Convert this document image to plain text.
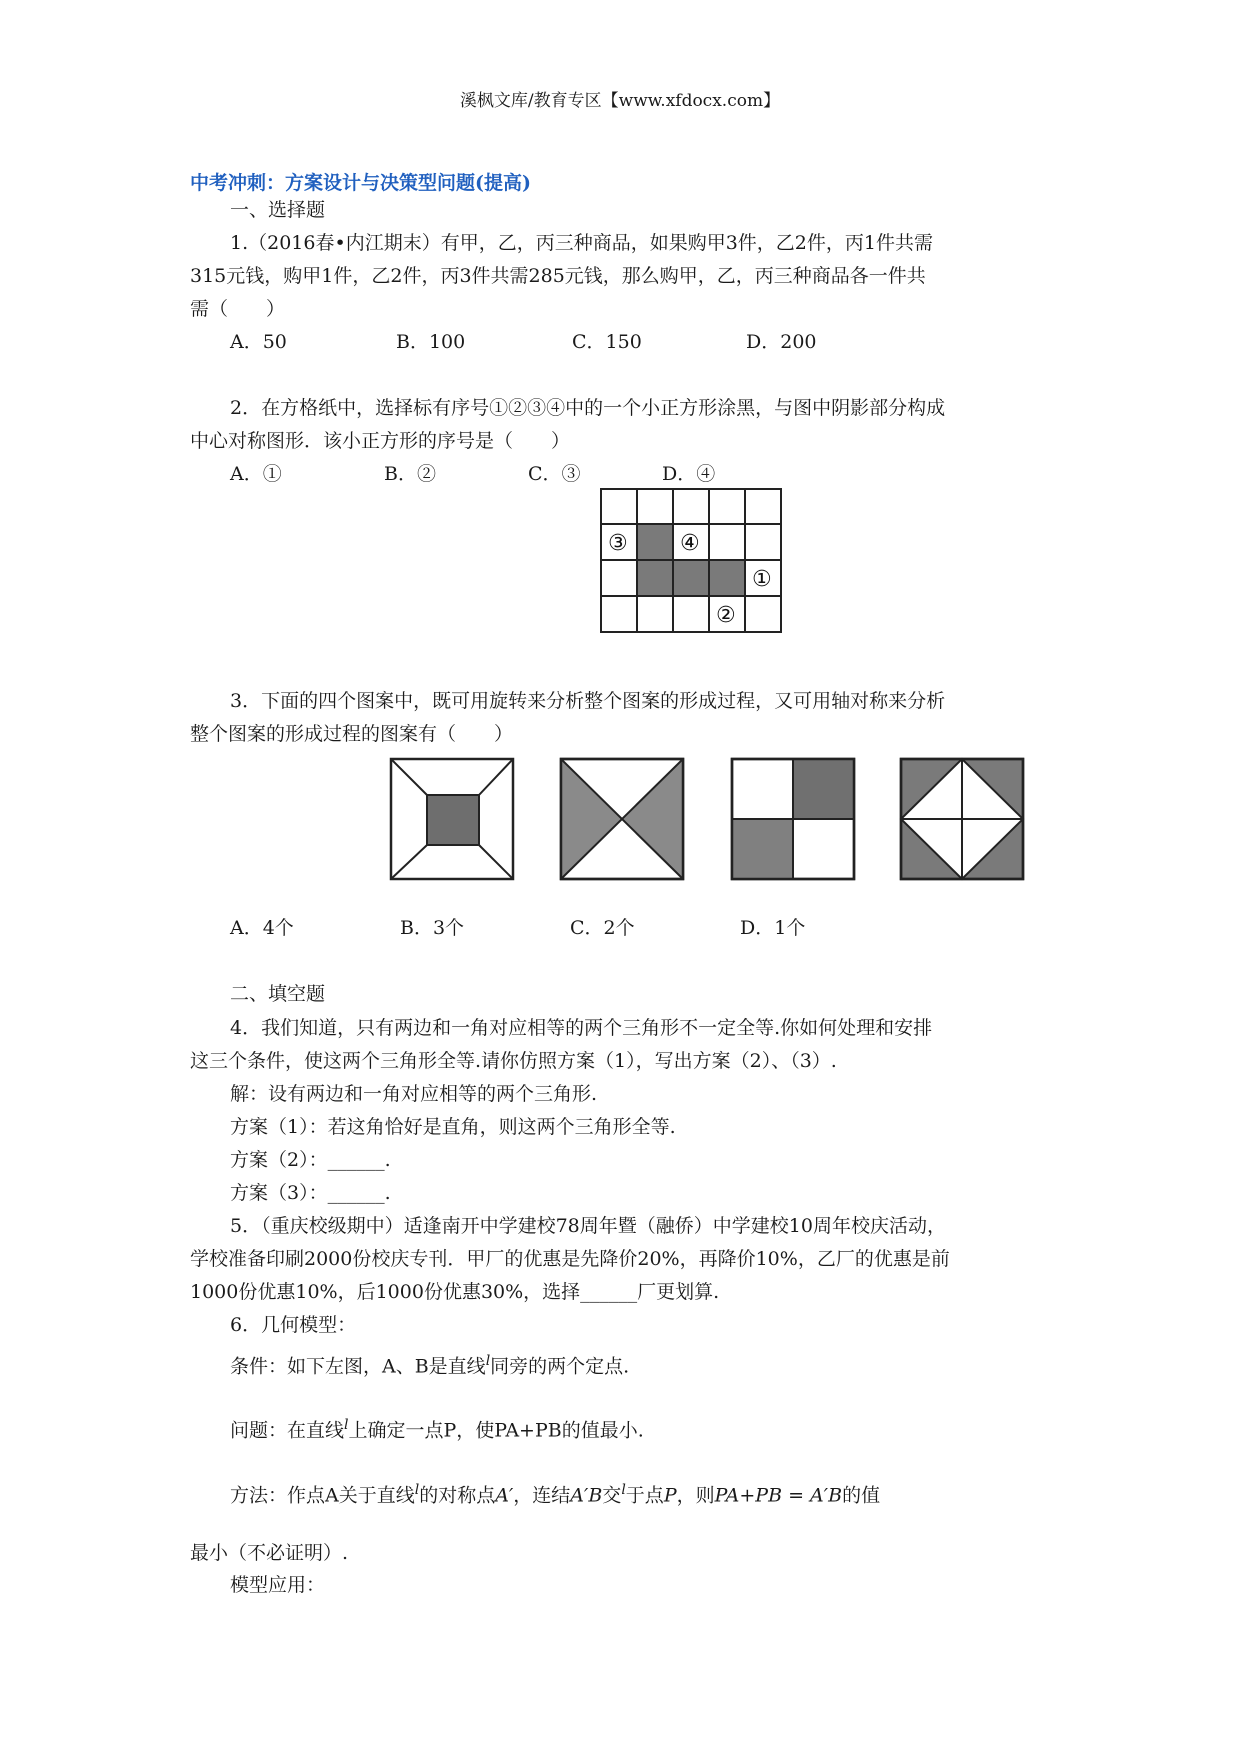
溪枫文库/教育专区【www.xfdocx.com】
中考冲刺：方案设计与决策型问题(提高)
一、选择题
1.（2016春•内江期末）有甲，乙，丙三种商品，如果购甲3件，乙2件，丙1件共需
315元钱，购甲1件，乙2件，丙3件共需285元钱，那么购甲，乙，丙三种商品各一件共
需（　　）
A．50	B．100	C．150	D．200
2．在方格纸中，选择标有序号①②③④中的一个小正方形涂黑，与图中阴影部分构成
中心对称图形．该小正方形的序号是（　　）
A．①	B．②	C．③	D．④
③ ④
①
②
3．下面的四个图案中，既可用旋转来分析整个图案的形成过程，又可用轴对称来分析
整个图案的形成过程的图案有（　　）
A．4个	B．3个	C．2个	D．1个
二、填空题
4．我们知道，只有两边和一角对应相等的两个三角形不一定全等.你如何处理和安排
这三个条件，使这两个三角形全等.请你仿照方案（1），写出方案（2）、（3）.
解：设有两边和一角对应相等的两个三角形.
方案（1）：若这角恰好是直角，则这两个三角形全等.
方案（2）：______.
方案（3）：______.
5．（重庆校级期中）适逢南开中学建校78周年暨（融侨）中学建校10周年校庆活动，
学校准备印刷2000份校庆专刊．甲厂的优惠是先降价20%，再降价10%，乙厂的优惠是前
1000份优惠10%，后1000份优惠30%，选择______厂更划算.
6．几何模型：
条件：如下左图，A、B是直线$^l$同旁的两个定点.
问题：在直线$^l$上确定一点P，使PA+PB的值最小.
方法：作点A关于直线$^l$的对称点A′，连结A′B交$^l$于点P，则PA+PB = A′B的值
最小（不必证明）.
模型应用：
